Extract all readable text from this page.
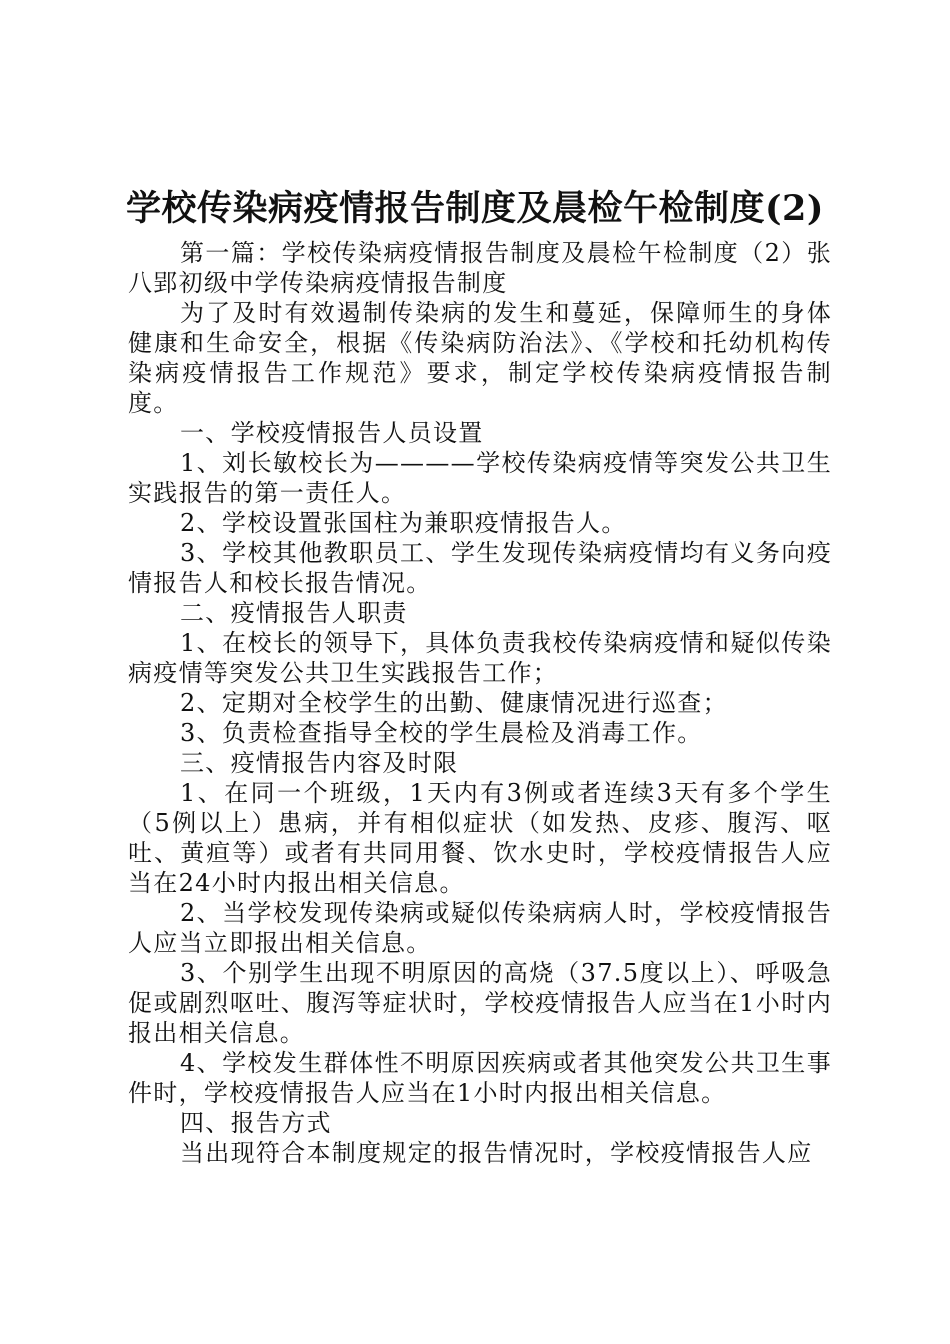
学校传染病疫情报告制度及晨检午检制度(2)

第一篇：学校传染病疫情报告制度及晨检午检制度（2）张八郢初级中学传染病疫情报告制度

为了及时有效遏制传染病的发生和蔓延，保障师生的身体健康和生命安全，根据《传染病防治法》、《学校和托幼机构传染病疫情报告工作规范》要求，制定学校传染病疫情报告制度。

一、学校疫情报告人员设置

1、刘长敏校长为————学校传染病疫情等突发公共卫生实践报告的第一责任人。

2、学校设置张国柱为兼职疫情报告人。

3、学校其他教职员工、学生发现传染病疫情均有义务向疫情报告人和校长报告情况。

二、疫情报告人职责

1、在校长的领导下，具体负责我校传染病疫情和疑似传染病疫情等突发公共卫生实践报告工作；

2、定期对全校学生的出勤、健康情况进行巡查；

3、负责检查指导全校的学生晨检及消毒工作。

三、疫情报告内容及时限

1、在同一个班级，1天内有3例或者连续3天有多个学生（5例以上）患病，并有相似症状（如发热、皮疹、腹泻、呕吐、黄疸等）或者有共同用餐、饮水史时，学校疫情报告人应当在24小时内报出相关信息。

2、当学校发现传染病或疑似传染病病人时，学校疫情报告人应当立即报出相关信息。

3、个别学生出现不明原因的高烧（37.5度以上）、呼吸急促或剧烈呕吐、腹泻等症状时，学校疫情报告人应当在1小时内报出相关信息。

4、学校发生群体性不明原因疾病或者其他突发公共卫生事件时，学校疫情报告人应当在1小时内报出相关信息。

四、报告方式

当出现符合本制度规定的报告情况时，学校疫情报告人应
